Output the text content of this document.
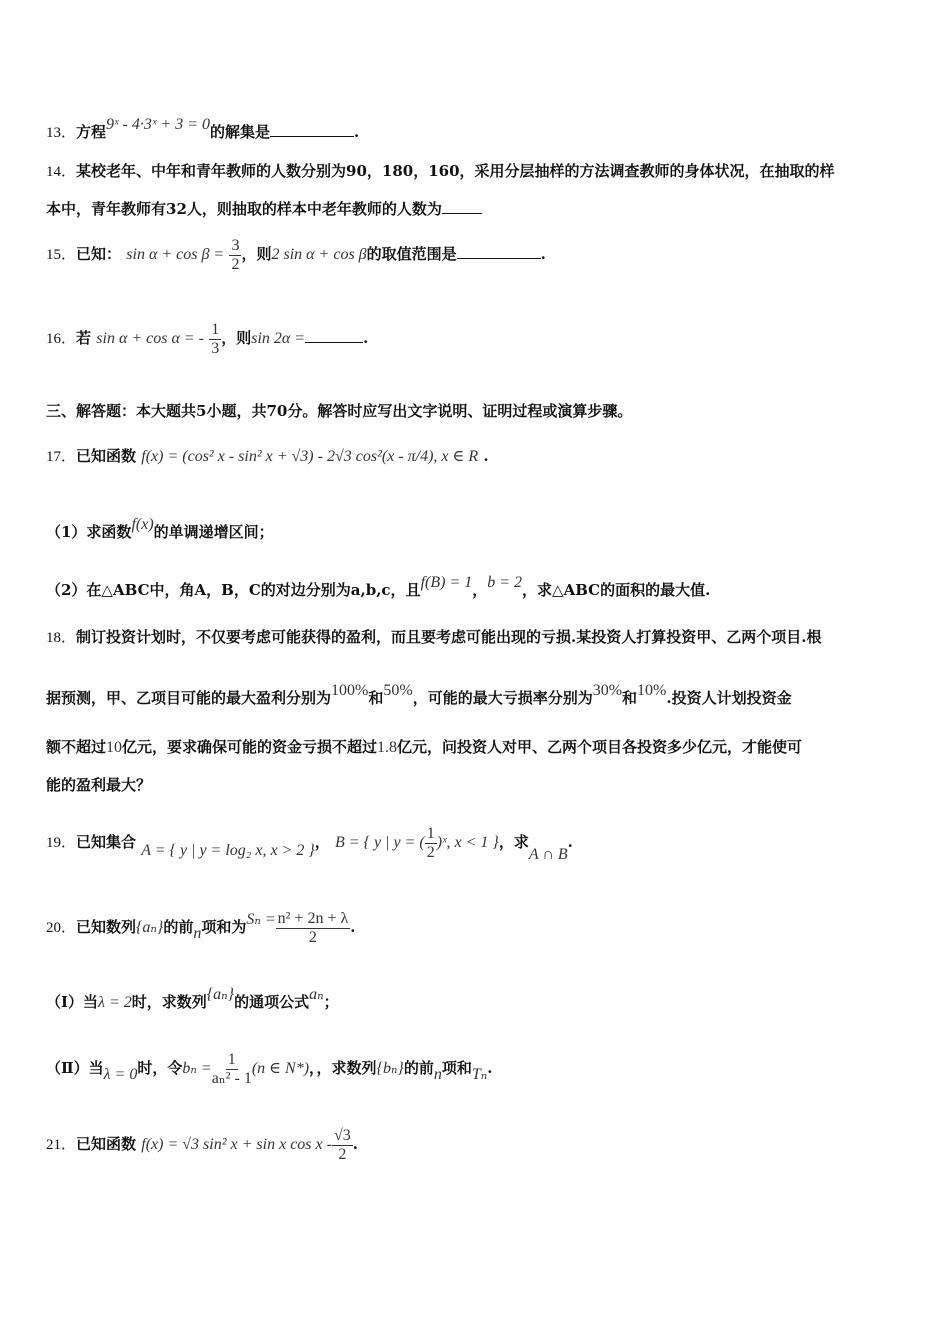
13．方程9ˣ - 4·3ˣ + 3 = 0的解集是	.
14．某校老年、中年和青年教师的人数分别为90，180，160，采用分层抽样的方法调查教师的身体状况，在抽取的样
本中，青年教师有32人，则抽取的样本中老年教师的人数为
15．已知： $\sin \alpha + \cos \beta = \frac{3}{2}$ ，则2 sin α + cos β的取值范围是	.
16．若 sin α + cos α = - $\frac{1}{3}$ ，则sin 2α =	.
三、解答题：本大题共5小题，共70分。解答时应写出文字说明、证明过程或演算步骤。
17．已知函数 f(x) = (cos² x - sin² x + √3) - 2√3 cos²(x - π/4), x ∈ R .
（1）求函数f(x)的单调递增区间；
（2）在△ABC中，角A，B，C的对边分别为a,b,c，且f(B) = 1，b = 2，求△ABC的面积的最大值.
18．制订投资计划时，不仅要考虑可能获得的盈利，而且要考虑可能出现的亏损.某投资人打算投资甲、乙两个项目.根
据预测，甲、乙项目可能的最大盈利分别为100%和50%，可能的最大亏损率分别为30%和10%.投资人计划投资金
额不超过10亿元，要求确保可能的资金亏损不超过1.8亿元，问投资人对甲、乙两个项目各投资多少亿元，才能使可
能的盈利最大？
19．已知集合 A = { y | y = log₂ x, x > 2 }， B = { y | y = ( $\frac{1}{2}$ )ˣ, x < 1 }，求A ∩ B.
20．已知数列{aₙ}的前n项和为$S_n = \frac{\text{n² + 2n + λ}}{2}$ .
（Ⅰ）当λ = 2时，求数列{aₙ}的通项公式aₙ；
（Ⅱ）当λ = 0时，令$b_n = \frac{1}{\text{aₙ² - 1}} (n$ ∈ N*)，，求数列{bₙ}的前n项和Tₙ.
21．已知函数 f(x) = √3 sin² x + sin x cos x - $\frac{√3}{2}$ .
